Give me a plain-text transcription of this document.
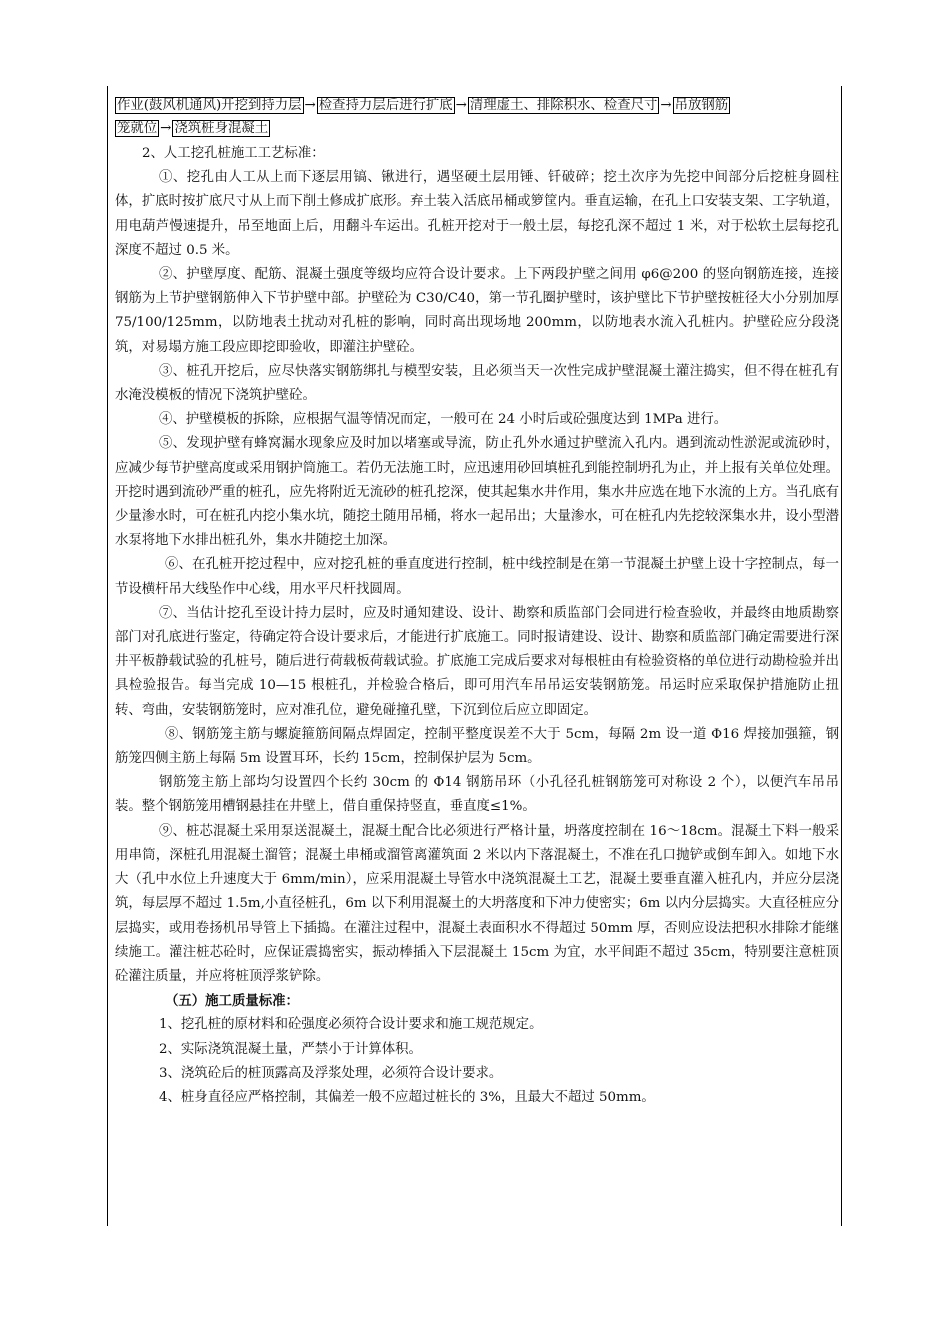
作业(鼓风机通风)开挖到持力层 → 检查持力层后进行扩底 → 清理虚土、排除积水、检查尺寸 → 吊放钢筋
笼就位 → 浇筑桩身混凝土

2、人工挖孔桩施工工艺标准：

①、挖孔由人工从上而下逐层用镐、锹进行，遇坚硬土层用锤、钎破碎；挖土次序为先挖中间部分后挖桩身圆柱体，扩底时按扩底尺寸从上而下削土修成扩底形。弃土装入活底吊桶或箩筐内。垂直运输，在孔上口安装支架、工字轨道，用电葫芦慢速提升，吊至地面上后，用翻斗车运出。孔桩开挖对于一般土层，每挖孔深不超过 1 米，对于松软土层每挖孔深度不超过 0.5 米。

②、护壁厚度、配筋、混凝土强度等级均应符合设计要求。上下两段护壁之间用 φ6@200 的竖向钢筋连接，连接钢筋为上节护壁钢筋伸入下节护壁中部。护壁砼为 C30/C40，第一节孔圈护壁时，该护壁比下节护壁按桩径大小分别加厚 75/100/125mm，以防地表土扰动对孔桩的影响，同时高出现场地 200mm，以防地表水流入孔桩内。护壁砼应分段浇筑，对易塌方施工段应即挖即验收，即灌注护壁砼。

③、桩孔开挖后，应尽快落实钢筋绑扎与模型安装，且必须当天一次性完成护壁混凝土灌注捣实，但不得在桩孔有水淹没模板的情况下浇筑护壁砼。

④、护壁模板的拆除，应根据气温等情况而定，一般可在 24 小时后或砼强度达到 1MPa 进行。

⑤、发现护壁有蜂窝漏水现象应及时加以堵塞或导流，防止孔外水通过护壁流入孔内。遇到流动性淤泥或流砂时，应减少每节护壁高度或采用钢护筒施工。若仍无法施工时，应迅速用砂回填桩孔到能控制坍孔为止，并上报有关单位处理。开挖时遇到流砂严重的桩孔，应先将附近无流砂的桩孔挖深，使其起集水井作用，集水井应选在地下水流的上方。当孔底有少量渗水时，可在桩孔内挖小集水坑，随挖土随用吊桶，将水一起吊出；大量渗水，可在桩孔内先挖较深集水井，设小型潜水泵将地下水排出桩孔外，集水井随挖土加深。

⑥、在孔桩开挖过程中，应对挖孔桩的垂直度进行控制，桩中线控制是在第一节混凝土护壁上设十字控制点，每一节设横杆吊大线坠作中心线，用水平尺杆找圆周。

⑦、当估计挖孔至设计持力层时，应及时通知建设、设计、勘察和质监部门会同进行检查验收，并最终由地质勘察部门对孔底进行鉴定，待确定符合设计要求后，才能进行扩底施工。同时报请建设、设计、勘察和质监部门确定需要进行深井平板静载试验的孔桩号，随后进行荷载板荷载试验。扩底施工完成后要求对每根桩由有检验资格的单位进行动勘检验并出具检验报告。每当完成 10—15 根桩孔，并检验合格后，即可用汽车吊吊运安装钢筋笼。吊运时应采取保护措施防止扭转、弯曲，安装钢筋笼时，应对准孔位，避免碰撞孔壁，下沉到位后应立即固定。

⑧、钢筋笼主筋与螺旋箍筋间隔点焊固定，控制平整度误差不大于 5cm，每隔 2m 设一道 Φ16 焊接加强箍，钢筋笼四侧主筋上每隔 5m 设置耳环，长约 15cm，控制保护层为 5cm。

钢筋笼主筋上部均匀设置四个长约 30cm 的 Φ14 钢筋吊环（小孔径孔桩钢筋笼可对称设 2 个），以便汽车吊吊装。整个钢筋笼用槽钢悬挂在井壁上，借自重保持竖直，垂直度≤1%。

⑨、桩芯混凝土采用泵送混凝土，混凝土配合比必须进行严格计量，坍落度控制在 16～18cm。混凝土下料一般采用串筒，深桩孔用混凝土溜管；混凝土串桶或溜管离灌筑面 2 米以内下落混凝土，不准在孔口抛铲或倒车卸入。如地下水大（孔中水位上升速度大于 6mm/min），应采用混凝土导管水中浇筑混凝土工艺，混凝土要垂直灌入桩孔内，并应分层浇筑，每层厚不超过 1.5m,小直径桩孔，6m 以下利用混凝土的大坍落度和下冲力使密实；6m 以内分层捣实。大直径桩应分层捣实，或用卷扬机吊导管上下插捣。在灌注过程中，混凝土表面积水不得超过 50mm 厚，否则应设法把积水排除才能继续施工。灌注桩芯砼时，应保证震捣密实，振动棒插入下层混凝土 15cm 为宜，水平间距不超过 35cm，特别要注意桩顶砼灌注质量，并应将桩顶浮浆铲除。

（五）施工质量标准：

1、挖孔桩的原材料和砼强度必须符合设计要求和施工规范规定。

2、实际浇筑混凝土量，严禁小于计算体积。

3、浇筑砼后的桩顶露高及浮浆处理，必须符合设计要求。

4、桩身直径应严格控制，其偏差一般不应超过桩长的 3%，且最大不超过 50mm。
